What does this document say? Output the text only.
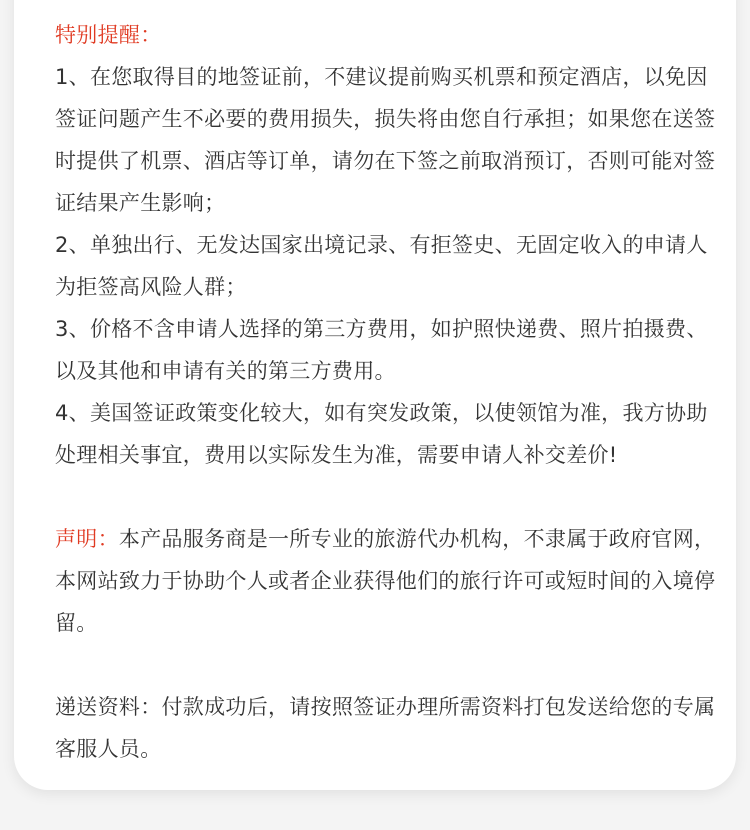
特别提醒：

1、在您取得目的地签证前，不建议提前购买机票和预定酒店，以免因签证问题产生不必要的费用损失，损失将由您自行承担；如果您在送签时提供了机票、酒店等订单，请勿在下签之前取消预订，否则可能对签证结果产生影响；

2、单独出行、无发达国家出境记录、有拒签史、无固定收入的申请人为拒签高风险人群；

3、价格不含申请人选择的第三方费用，如护照快递费、照片拍摄费、以及其他和申请有关的第三方费用。

4、美国签证政策变化较大，如有突发政策，以使领馆为准，我方协助处理相关事宜，费用以实际发生为准，需要申请人补交差价!

声明：本产品服务商是一所专业的旅游代办机构，不隶属于政府官网，本网站致力于协助个人或者企业获得他们的旅行许可或短时间的入境停留。

递送资料：付款成功后，请按照签证办理所需资料打包发送给您的专属客服人员。
